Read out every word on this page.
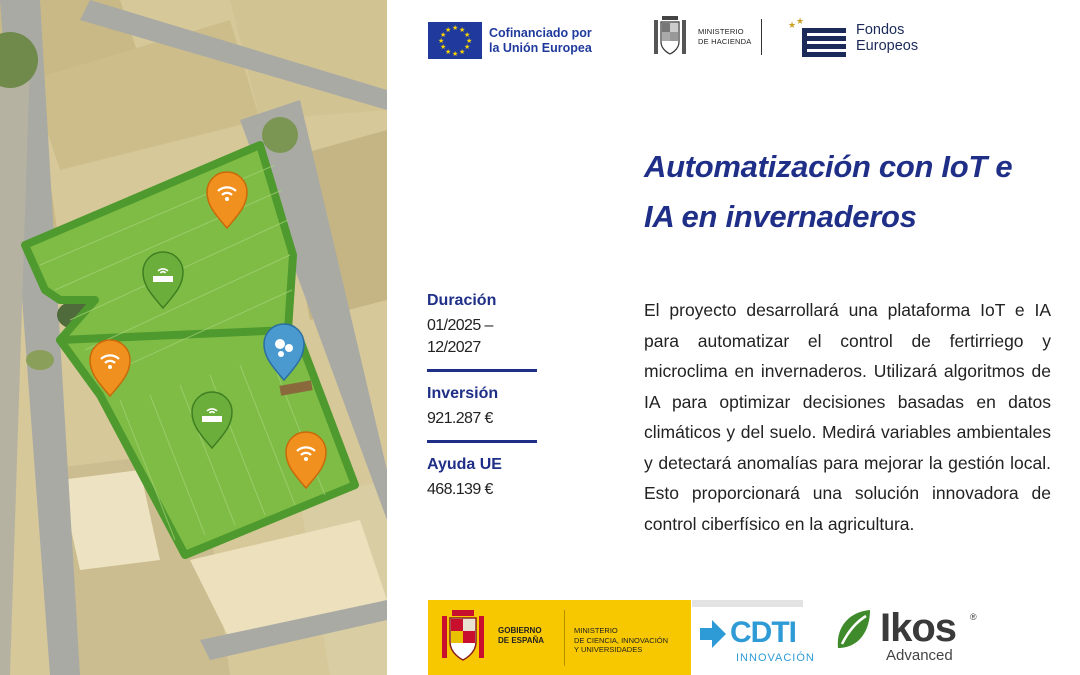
★ ★
★
★
★
★
★
★
★
★
★
★	Cofinanciado por
la Unión Europea
MINISTERIO
DE HACIENDA
★ ★
Fondos
Europeos
Automatización con IoT e
IA en invernaderos
Duración
01/2025 – 12/2027
Inversión
921.287 €
Ayuda UE
468.139 €
El proyecto desarrollará una plataforma IoT e IA para automatizar el control de fertirriego y microclima en invernaderos. Utilizará algoritmos de IA para optimizar decisiones basadas en datos climáticos y del suelo. Medirá variables ambientales y detectará anomalías para mejorar la gestión local. Esto proporcionará una solución innovadora de control ciberfísico en la agricultura.
GOBIERNO
DE ESPAÑA
MINISTERIO
DE CIENCIA, INNOVACIÓN
Y UNIVERSIDADES
CDTI
INNOVACIÓN
Ikos ®
Advanced
